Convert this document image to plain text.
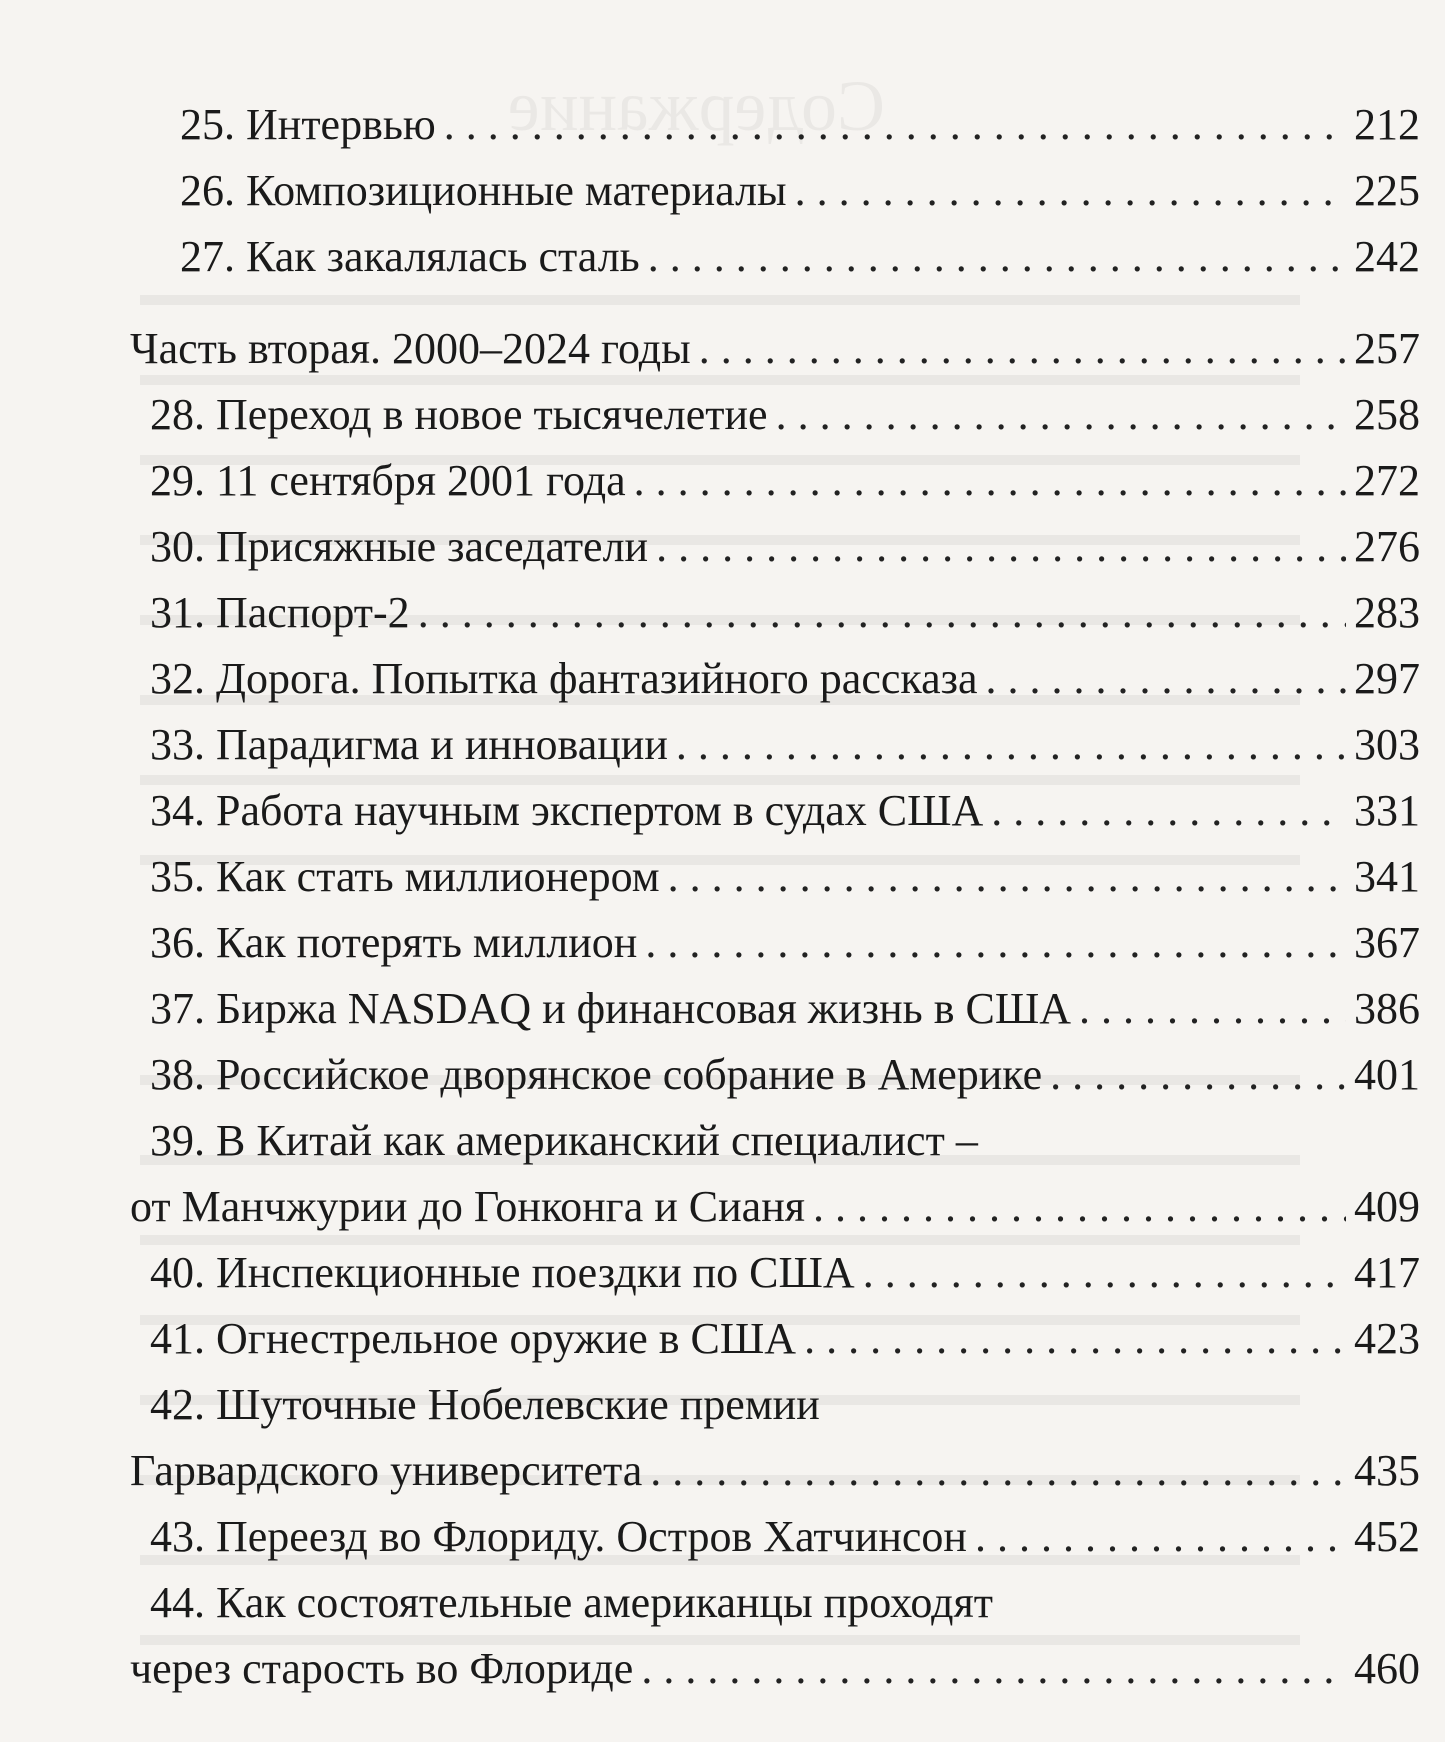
25. Интервью . . .	212
26. Композиционные материалы . . .	225
27. Как закалялась сталь . . .	242
Часть вторая. 2000–2024 годы . . .	257
28. Переход в новое тысячелетие . . .	258
29. 11 сентября 2001 года . . .	272
30. Присяжные заседатели . . .	276
31. Паспорт-2 . . .	283
32. Дорога. Попытка фантазийного рассказа . . .	297
33. Парадигма и инновации . . .	303
34. Работа научным экспертом в судах США . . .	331
35. Как стать миллионером . . .	341
36. Как потерять миллион . . .	367
37. Биржа NASDAQ и финансовая жизнь в США . . .	386
38. Российское дворянское собрание в Америке . . .	401
39. В Китай как американский специалист –
от Манчжурии до Гонконга и Сианя . . .	409
40. Инспекционные поездки по США . . .	417
41. Огнестрельное оружие в США . . .	423
42. Шуточные Нобелевские премии
Гарвардского университета . . .	435
43. Переезд во Флориду. Остров Хатчинсон . . .	452
44. Как состоятельные американцы проходят
через старость во Флориде . . .	460
